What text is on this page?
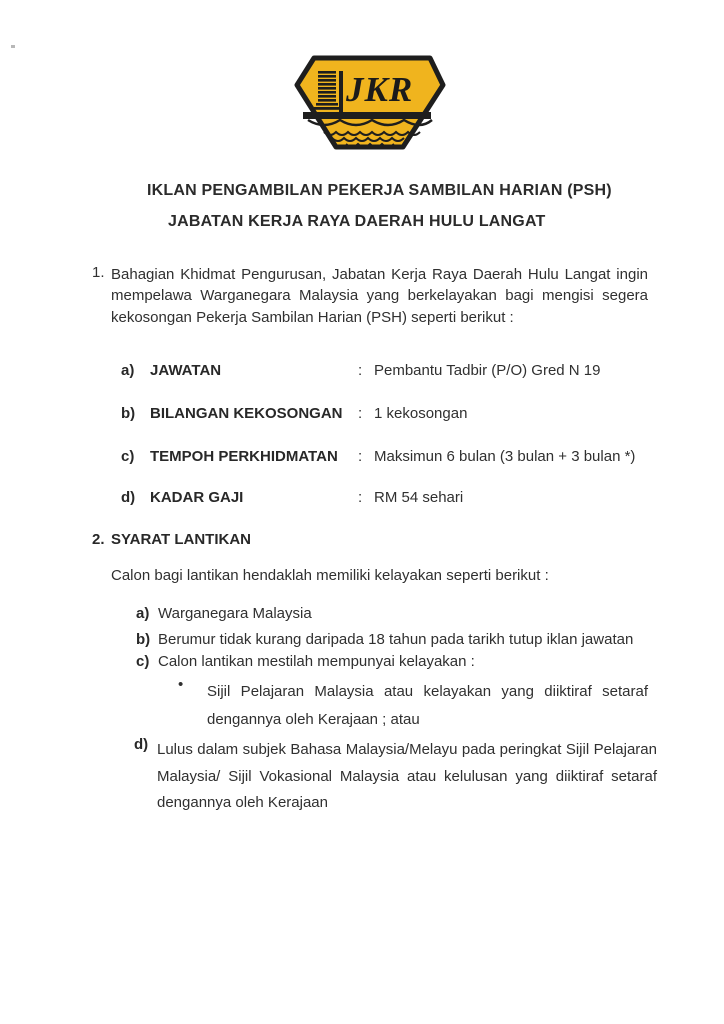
JKR
IKLAN PENGAMBILAN PEKERJA SAMBILAN HARIAN (PSH)
JABATAN KERJA RAYA DAERAH HULU LANGAT
1. Bahagian Khidmat Pengurusan, Jabatan Kerja Raya Daerah Hulu Langat ingin mempelawa Warganegara Malaysia yang berkelayakan bagi mengisi segera kekosongan Pekerja Sambilan Harian (PSH) seperti berikut :
a) JAWATAN	: Pembantu Tadbir (P/O) Gred N 19
b) BILANGAN KEKOSONGAN : 1 kekosongan
c) TEMPOH PERKHIDMATAN : Maksimun 6 bulan (3 bulan + 3 bulan *)
d) KADAR GAJI	: RM 54 sehari
2. SYARAT LANTIKAN
Calon bagi lantikan hendaklah memiliki kelayakan seperti berikut :
a) Warganegara Malaysia
b) Berumur tidak kurang daripada 18 tahun pada tarikh tutup iklan jawatan
c) Calon lantikan mestilah mempunyai kelayakan :
• Sijil Pelajaran Malaysia atau kelayakan yang diiktiraf setaraf dengannya oleh Kerajaan ; atau
d) Lulus dalam subjek Bahasa Malaysia/Melayu pada peringkat Sijil Pelajaran Malaysia/ Sijil Vokasional Malaysia atau kelulusan yang diiktiraf setaraf dengannya oleh Kerajaan
